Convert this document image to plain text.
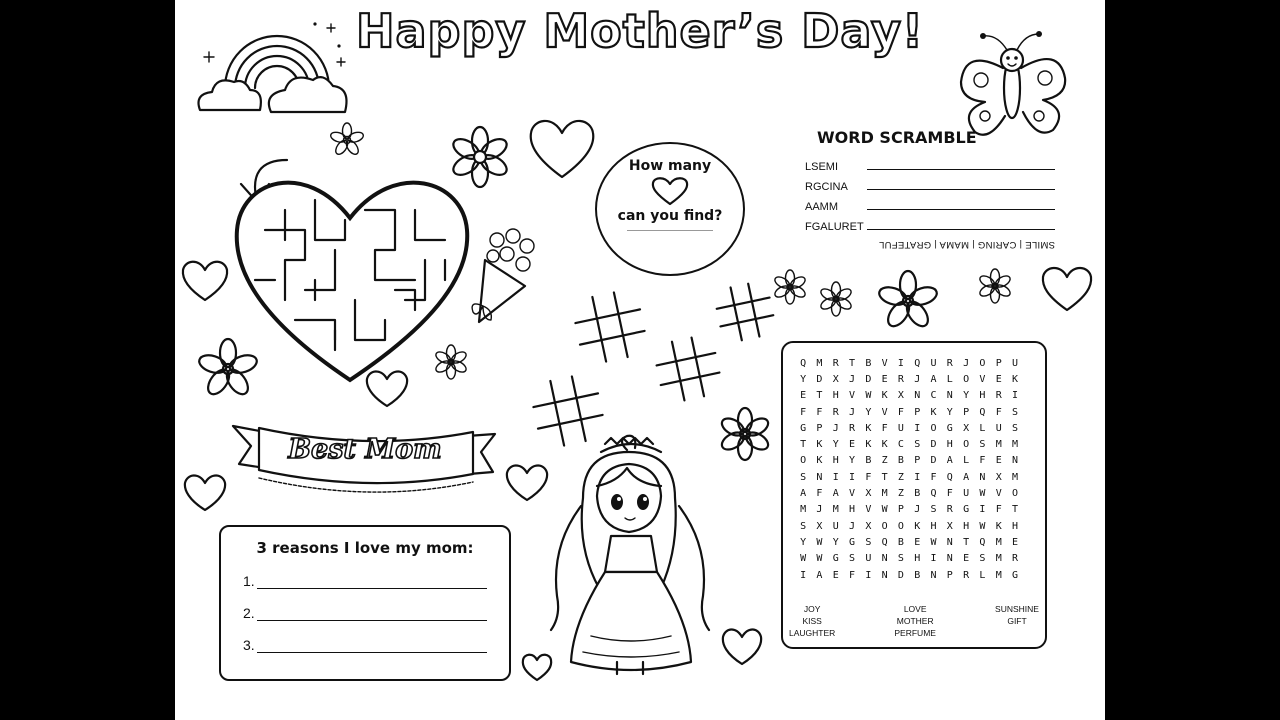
Happy Mother’s Day!
How many
can you find?
WORD SCRAMBLE
LSEMI
RGCINA
AAMM
FGALURET
SMILE | CARING | MAMA | GRATEFUL
Best Mom
3 reasons I love my mom:
1.
2.
3.
Q	M	R	T	B	V	I	Q	U	R	J	O	P	U
Y	D	X	J	D	E	R	J	A	L	O	V	E	K
E	T	H	V	W	K	X	N	C	N	Y	H	R	I
F	F	R	J	Y	V	F	P	K	Y	P	Q	F	S
G	P	J	R	K	F	U	I	O	G	X	L	U	S
T	K	Y	E	K	K	C	S	D	H	O	S	M	M
O	K	H	Y	B	Z	B	P	D	A	L	F	E	N
S	N	I	I	F	T	Z	I	F	Q	A	N	X	M
A	F	A	V	X	M	Z	B	Q	F	U	W	V	O
M	J	M	H	V	W	P	J	S	R	G	I	F	T
S	X	U	J	X	O	O	K	H	X	H	W	K	H
Y	W	Y	G	S	Q	B	E	W	N	T	Q	M	E
W	W	G	S	U	N	S	H	I	N	E	S	M	R
I	A	E	F	I	N	D	B	N	P	R	L	M	G
JOY
KISS
LAUGHTER
LOVE
MOTHER
PERFUME
SUNSHINE
GIFT
